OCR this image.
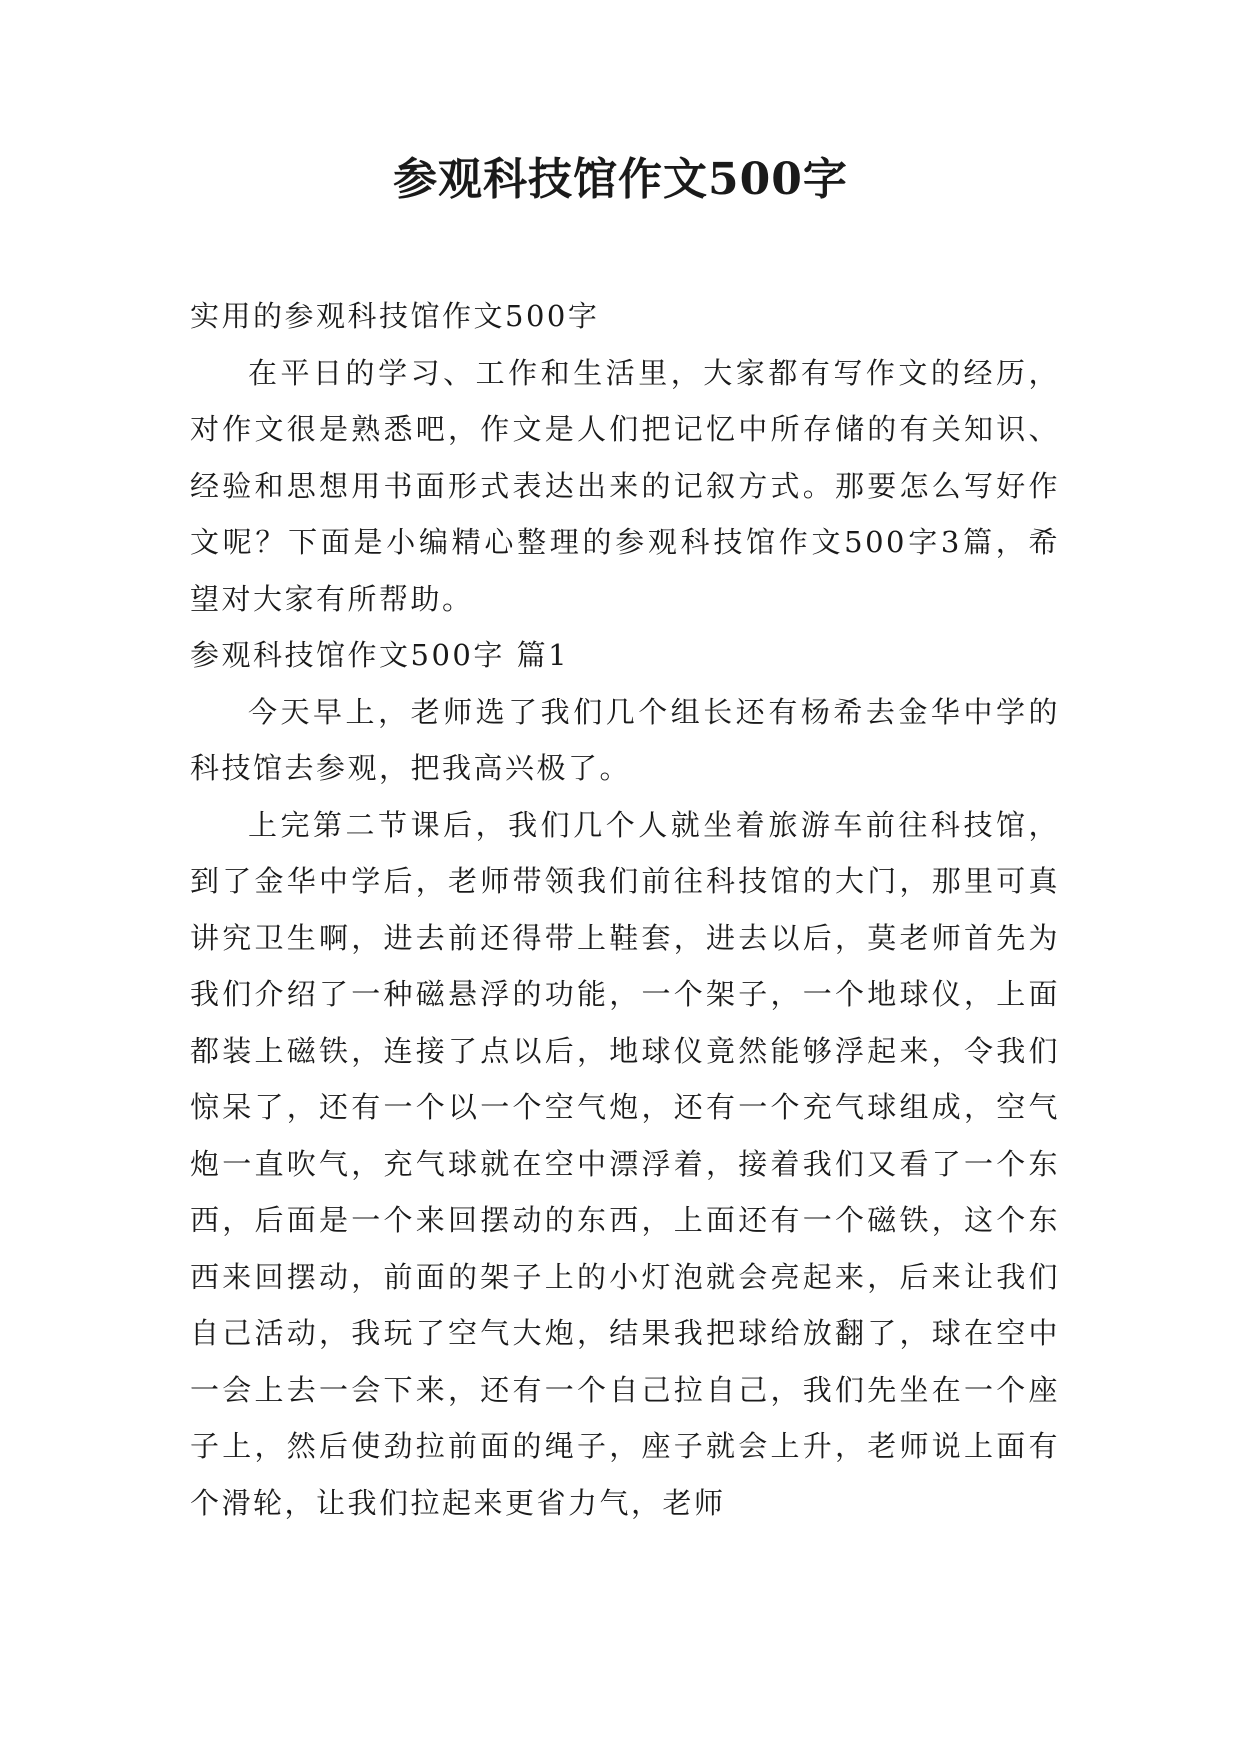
参观科技馆作文500字

实用的参观科技馆作文500字

在平日的学习、工作和生活里，大家都有写作文的经历，对作文很是熟悉吧，作文是人们把记忆中所存储的有关知识、经验和思想用书面形式表达出来的记叙方式。那要怎么写好作文呢？下面是小编精心整理的参观科技馆作文500字3篇，希望对大家有所帮助。

参观科技馆作文500字 篇1

今天早上，老师选了我们几个组长还有杨希去金华中学的科技馆去参观，把我高兴极了。

上完第二节课后，我们几个人就坐着旅游车前往科技馆，到了金华中学后，老师带领我们前往科技馆的大门，那里可真讲究卫生啊，进去前还得带上鞋套，进去以后，莫老师首先为我们介绍了一种磁悬浮的功能，一个架子，一个地球仪，上面都装上磁铁，连接了点以后，地球仪竟然能够浮起来，令我们惊呆了，还有一个以一个空气炮，还有一个充气球组成，空气炮一直吹气，充气球就在空中漂浮着，接着我们又看了一个东西，后面是一个来回摆动的东西，上面还有一个磁铁，这个东西来回摆动，前面的架子上的小灯泡就会亮起来，后来让我们自己活动，我玩了空气大炮，结果我把球给放翻了，球在空中一会上去一会下来，还有一个自己拉自己，我们先坐在一个座子上，然后使劲拉前面的绳子，座子就会上升，老师说上面有个滑轮，让我们拉起来更省力气，老师
